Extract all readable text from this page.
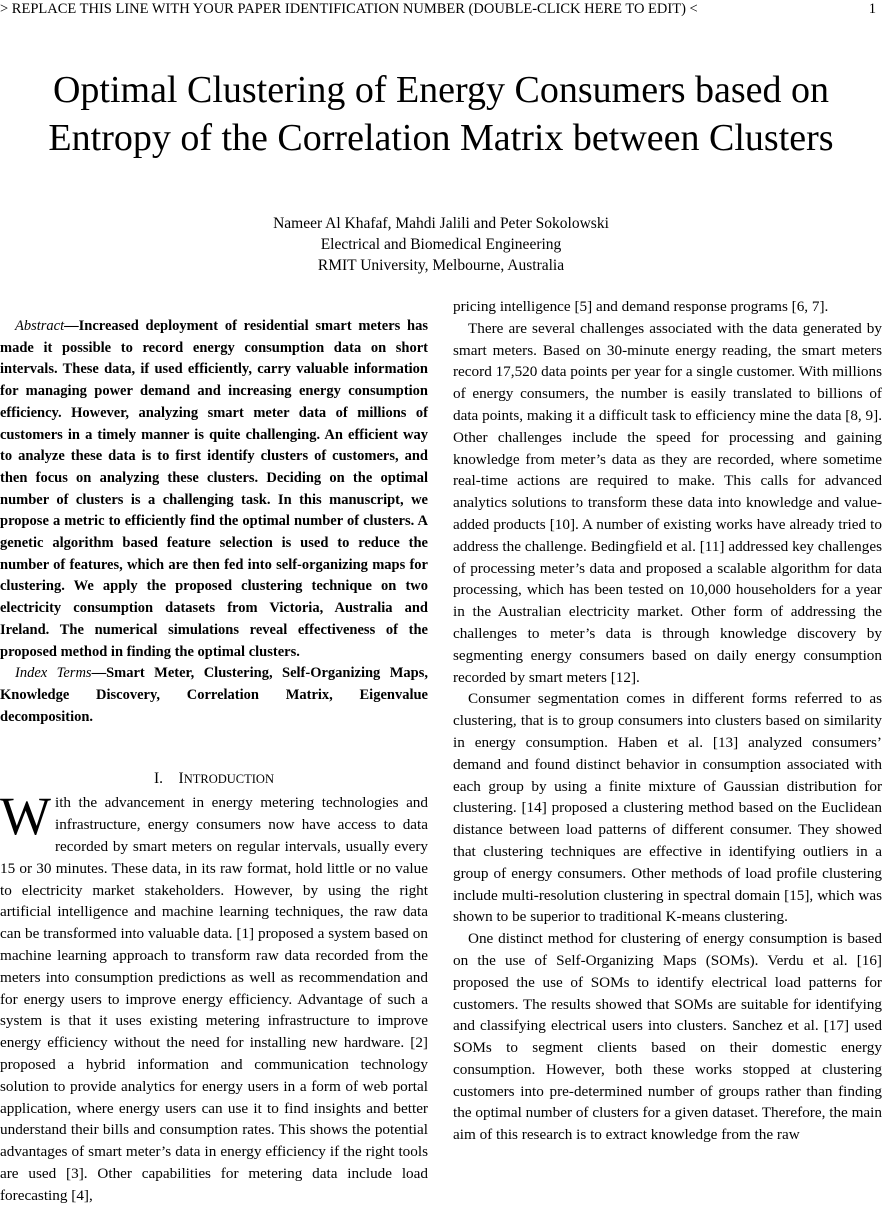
> REPLACE THIS LINE WITH YOUR PAPER IDENTIFICATION NUMBER (DOUBLE-CLICK HERE TO EDIT) <	1
Optimal Clustering of Energy Consumers based on Entropy of the Correlation Matrix between Clusters
Nameer Al Khafaf, Mahdi Jalili and Peter Sokolowski
Electrical and Biomedical Engineering
RMIT University, Melbourne, Australia

Abstract—Increased deployment of residential smart meters has made it possible to record energy consumption data on short intervals. These data, if used efficiently, carry valuable information for managing power demand and increasing energy consumption efficiency. However, analyzing smart meter data of millions of customers in a timely manner is quite challenging. An efficient way to analyze these data is to first identify clusters of customers, and then focus on analyzing these clusters. Deciding on the optimal number of clusters is a challenging task. In this manuscript, we propose a metric to efficiently find the optimal number of clusters. A genetic algorithm based feature selection is used to reduce the number of features, which are then fed into self-organizing maps for clustering. We apply the proposed clustering technique on two electricity consumption datasets from Victoria, Australia and Ireland. The numerical simulations reveal effectiveness of the proposed method in finding the optimal clusters.

Index Terms—Smart Meter, Clustering, Self-Organizing Maps, Knowledge Discovery, Correlation Matrix, Eigenvalue decomposition.

I. INTRODUCTION

With the advancement in energy metering technologies and infrastructure, energy consumers now have access to data recorded by smart meters on regular intervals, usually every 15 or 30 minutes. These data, in its raw format, hold little or no value to electricity market stakeholders. However, by using the right artificial intelligence and machine learning techniques, the raw data can be transformed into valuable data. [1] proposed a system based on machine learning approach to transform raw data recorded from the meters into consumption predictions as well as recommendation and for energy users to improve energy efficiency. Advantage of such a system is that it uses existing metering infrastructure to improve energy efficiency without the need for installing new hardware. [2] proposed a hybrid information and communication technology solution to provide analytics for energy users in a form of web portal application, where energy users can use it to find insights and better understand their bills and consumption rates. This shows the potential advantages of smart meter’s data in energy efficiency if the right tools are used [3]. Other capabilities for metering data include load forecasting [4],

pricing intelligence [5] and demand response programs [6, 7].

There are several challenges associated with the data generated by smart meters. Based on 30-minute energy reading, the smart meters record 17,520 data points per year for a single customer. With millions of energy consumers, the number is easily translated to billions of data points, making it a difficult task to efficiency mine the data [8, 9]. Other challenges include the speed for processing and gaining knowledge from meter’s data as they are recorded, where sometime real-time actions are required to make. This calls for advanced analytics solutions to transform these data into knowledge and value-added products [10]. A number of existing works have already tried to address the challenge. Bedingfield et al. [11] addressed key challenges of processing meter’s data and proposed a scalable algorithm for data processing, which has been tested on 10,000 householders for a year in the Australian electricity market. Other form of addressing the challenges to meter’s data is through knowledge discovery by segmenting energy consumers based on daily energy consumption recorded by smart meters [12].

Consumer segmentation comes in different forms referred to as clustering, that is to group consumers into clusters based on similarity in energy consumption. Haben et al. [13] analyzed consumers’ demand and found distinct behavior in consumption associated with each group by using a finite mixture of Gaussian distribution for clustering. [14] proposed a clustering method based on the Euclidean distance between load patterns of different consumer. They showed that clustering techniques are effective in identifying outliers in a group of energy consumers. Other methods of load profile clustering include multi-resolution clustering in spectral domain [15], which was shown to be superior to traditional K-means clustering.

One distinct method for clustering of energy consumption is based on the use of Self-Organizing Maps (SOMs). Verdu et al. [16] proposed the use of SOMs to identify electrical load patterns for customers. The results showed that SOMs are suitable for identifying and classifying electrical users into clusters. Sanchez et al. [17] used SOMs to segment clients based on their domestic energy consumption. However, both these works stopped at clustering customers into pre-determined number of groups rather than finding the optimal number of clusters for a given dataset. Therefore, the main aim of this research is to extract knowledge from the raw
